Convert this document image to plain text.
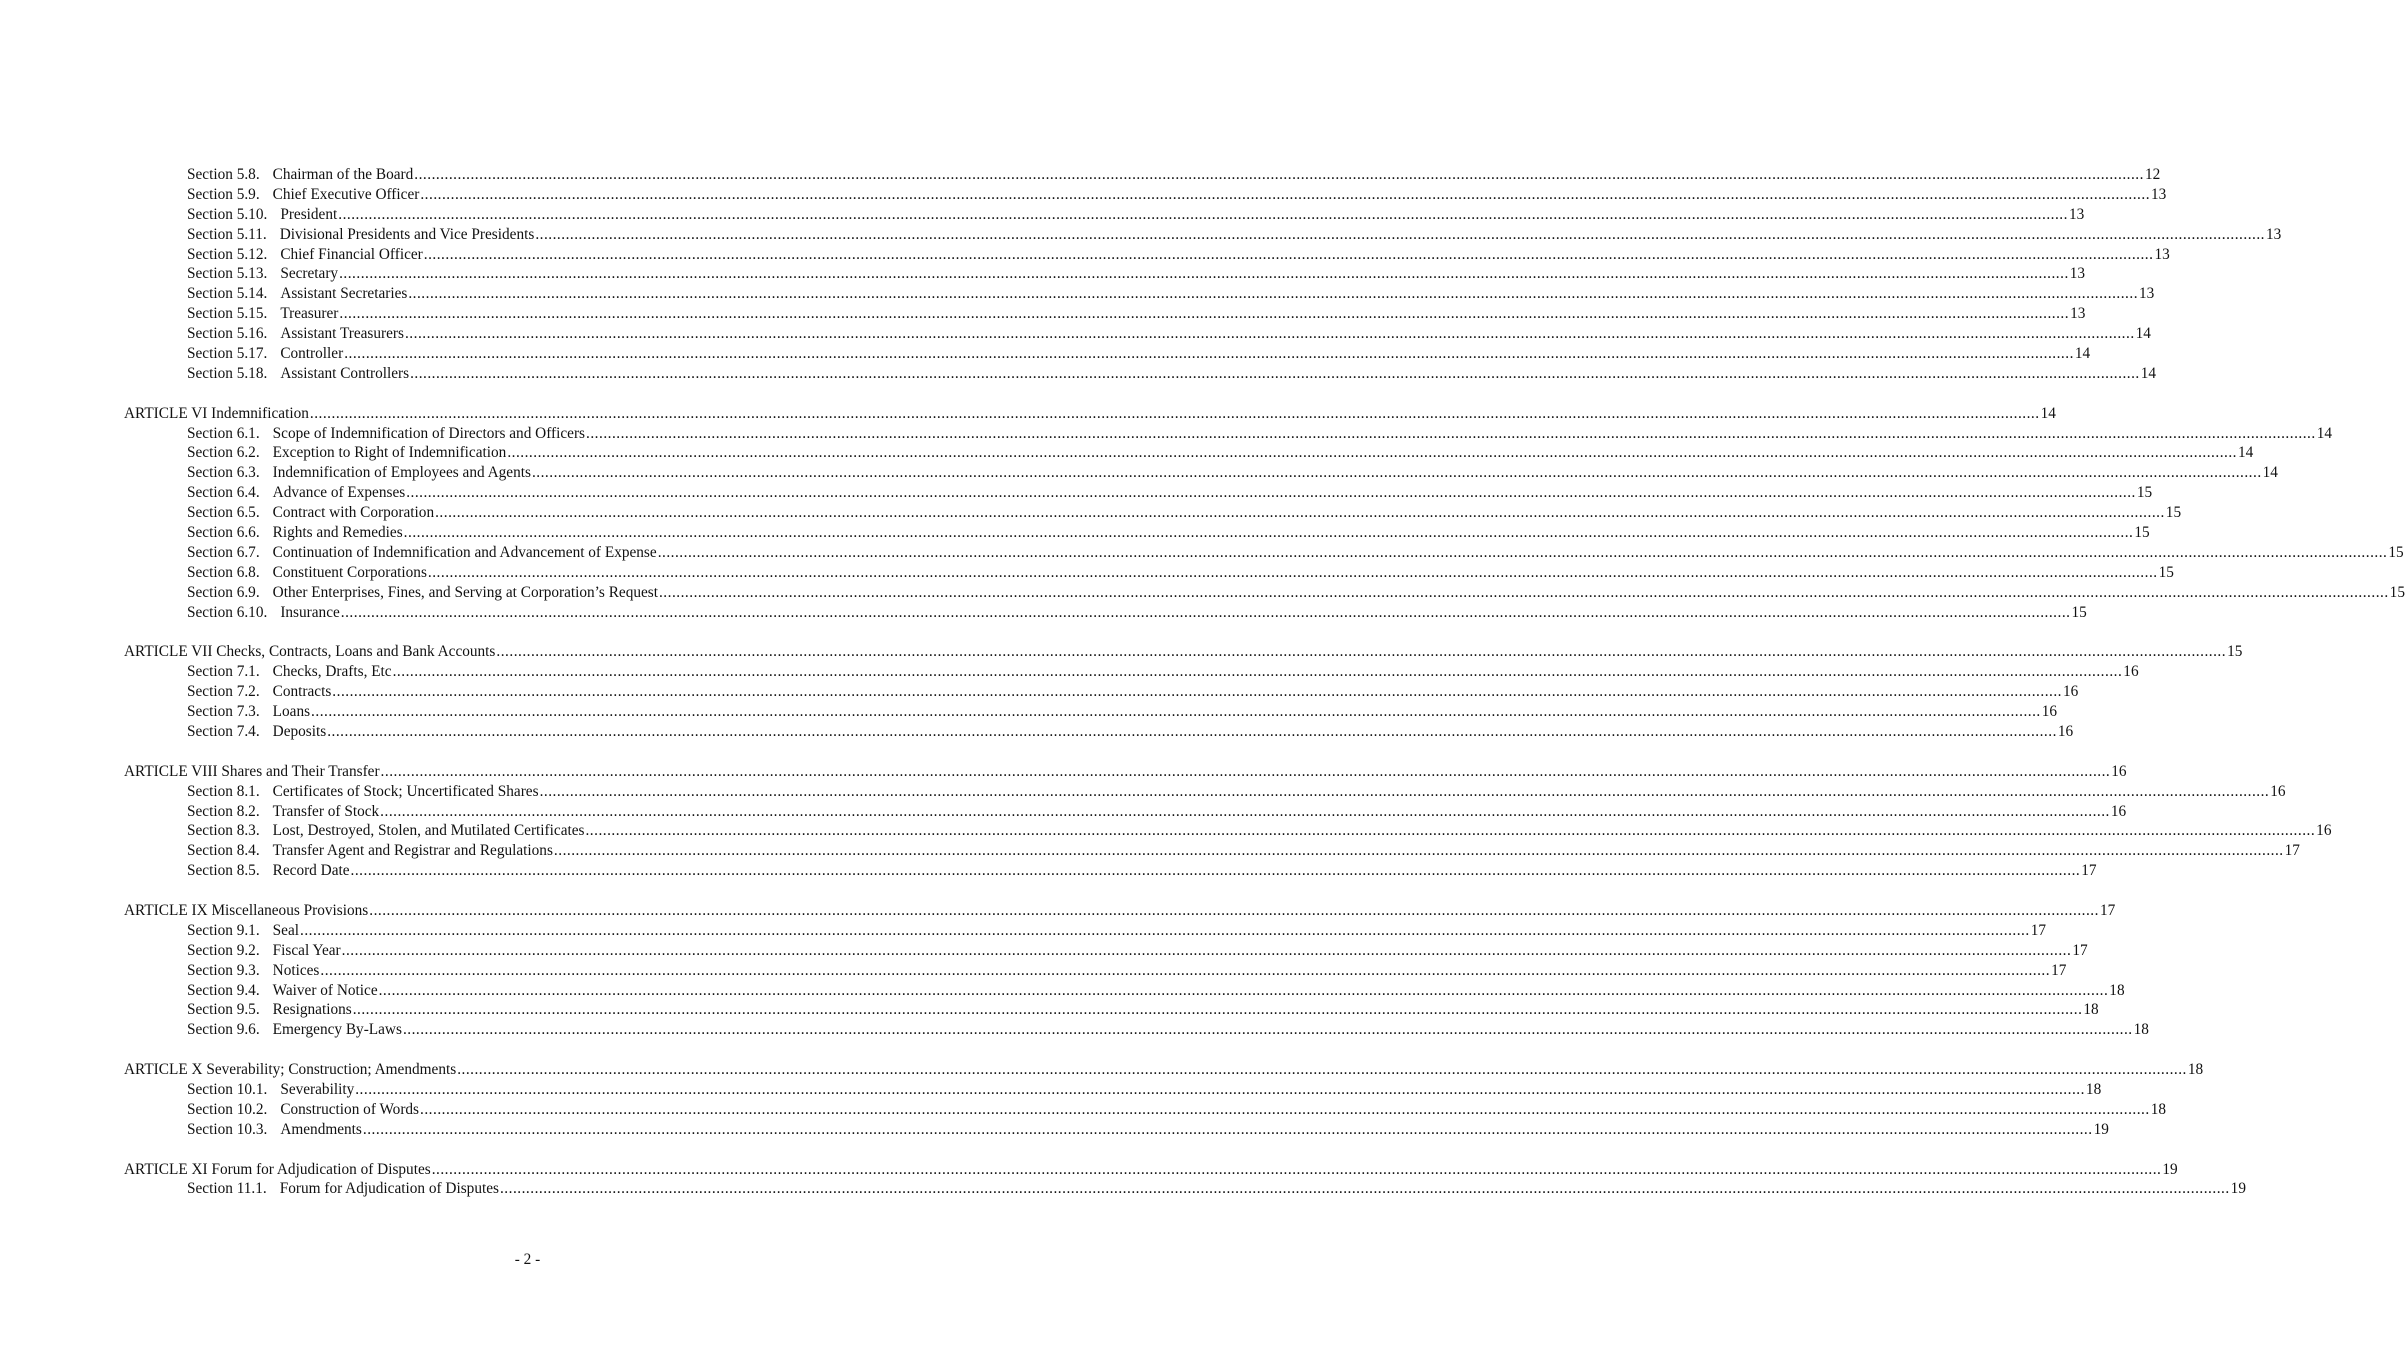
Section 5.8. Chairman of the Board ................................................................................................................................................................................................................................................................................................................................................................................................................ 12
Section 5.9. Chief Executive Officer ................................................................................................................................................................................................................................................................................................................................................................................................................ 13
Section 5.10. President ................................................................................................................................................................................................................................................................................................................................................................................................................ 13
Section 5.11. Divisional Presidents and Vice Presidents ................................................................................................................................................................................................................................................................................................................................................................................................................ 13
Section 5.12. Chief Financial Officer ................................................................................................................................................................................................................................................................................................................................................................................................................ 13
Section 5.13. Secretary ................................................................................................................................................................................................................................................................................................................................................................................................................ 13
Section 5.14. Assistant Secretaries ................................................................................................................................................................................................................................................................................................................................................................................................................ 13
Section 5.15. Treasurer ................................................................................................................................................................................................................................................................................................................................................................................................................ 13
Section 5.16. Assistant Treasurers ................................................................................................................................................................................................................................................................................................................................................................................................................ 14
Section 5.17. Controller ................................................................................................................................................................................................................................................................................................................................................................................................................ 14
Section 5.18. Assistant Controllers ................................................................................................................................................................................................................................................................................................................................................................................................................ 14
ARTICLE VI Indemnification ................................................................................................................................................................................................................................................................................................................................................................................................................ 14
Section 6.1. Scope of Indemnification of Directors and Officers ................................................................................................................................................................................................................................................................................................................................................................................................................ 14
Section 6.2. Exception to Right of Indemnification ................................................................................................................................................................................................................................................................................................................................................................................................................ 14
Section 6.3. Indemnification of Employees and Agents ................................................................................................................................................................................................................................................................................................................................................................................................................ 14
Section 6.4. Advance of Expenses ................................................................................................................................................................................................................................................................................................................................................................................................................ 15
Section 6.5. Contract with Corporation ................................................................................................................................................................................................................................................................................................................................................................................................................ 15
Section 6.6. Rights and Remedies ................................................................................................................................................................................................................................................................................................................................................................................................................ 15
Section 6.7. Continuation of Indemnification and Advancement of Expense ................................................................................................................................................................................................................................................................................................................................................................................................................ 15
Section 6.8. Constituent Corporations ................................................................................................................................................................................................................................................................................................................................................................................................................ 15
Section 6.9. Other Enterprises, Fines, and Serving at Corporation’s Request ................................................................................................................................................................................................................................................................................................................................................................................................................ 15
Section 6.10. Insurance ................................................................................................................................................................................................................................................................................................................................................................................................................ 15
ARTICLE VII Checks, Contracts, Loans and Bank Accounts ................................................................................................................................................................................................................................................................................................................................................................................................................ 15
Section 7.1. Checks, Drafts, Etc ................................................................................................................................................................................................................................................................................................................................................................................................................ 16
Section 7.2. Contracts ................................................................................................................................................................................................................................................................................................................................................................................................................ 16
Section 7.3. Loans ................................................................................................................................................................................................................................................................................................................................................................................................................ 16
Section 7.4. Deposits ................................................................................................................................................................................................................................................................................................................................................................................................................ 16
ARTICLE VIII Shares and Their Transfer ................................................................................................................................................................................................................................................................................................................................................................................................................ 16
Section 8.1. Certificates of Stock; Uncertificated Shares ................................................................................................................................................................................................................................................................................................................................................................................................................ 16
Section 8.2. Transfer of Stock ................................................................................................................................................................................................................................................................................................................................................................................................................ 16
Section 8.3. Lost, Destroyed, Stolen, and Mutilated Certificates ................................................................................................................................................................................................................................................................................................................................................................................................................ 16
Section 8.4. Transfer Agent and Registrar and Regulations ................................................................................................................................................................................................................................................................................................................................................................................................................ 17
Section 8.5. Record Date ................................................................................................................................................................................................................................................................................................................................................................................................................ 17
ARTICLE IX Miscellaneous Provisions ................................................................................................................................................................................................................................................................................................................................................................................................................ 17
Section 9.1. Seal ................................................................................................................................................................................................................................................................................................................................................................................................................ 17
Section 9.2. Fiscal Year ................................................................................................................................................................................................................................................................................................................................................................................................................ 17
Section 9.3. Notices ................................................................................................................................................................................................................................................................................................................................................................................................................ 17
Section 9.4. Waiver of Notice ................................................................................................................................................................................................................................................................................................................................................................................................................ 18
Section 9.5. Resignations ................................................................................................................................................................................................................................................................................................................................................................................................................ 18
Section 9.6. Emergency By-Laws ................................................................................................................................................................................................................................................................................................................................................................................................................ 18
ARTICLE X Severability; Construction; Amendments ................................................................................................................................................................................................................................................................................................................................................................................................................ 18
Section 10.1. Severability ................................................................................................................................................................................................................................................................................................................................................................................................................ 18
Section 10.2. Construction of Words ................................................................................................................................................................................................................................................................................................................................................................................................................ 18
Section 10.3. Amendments ................................................................................................................................................................................................................................................................................................................................................................................................................ 19
ARTICLE XI Forum for Adjudication of Disputes ................................................................................................................................................................................................................................................................................................................................................................................................................ 19
Section 11.1. Forum for Adjudication of Disputes ................................................................................................................................................................................................................................................................................................................................................................................................................ 19
- 2 -
